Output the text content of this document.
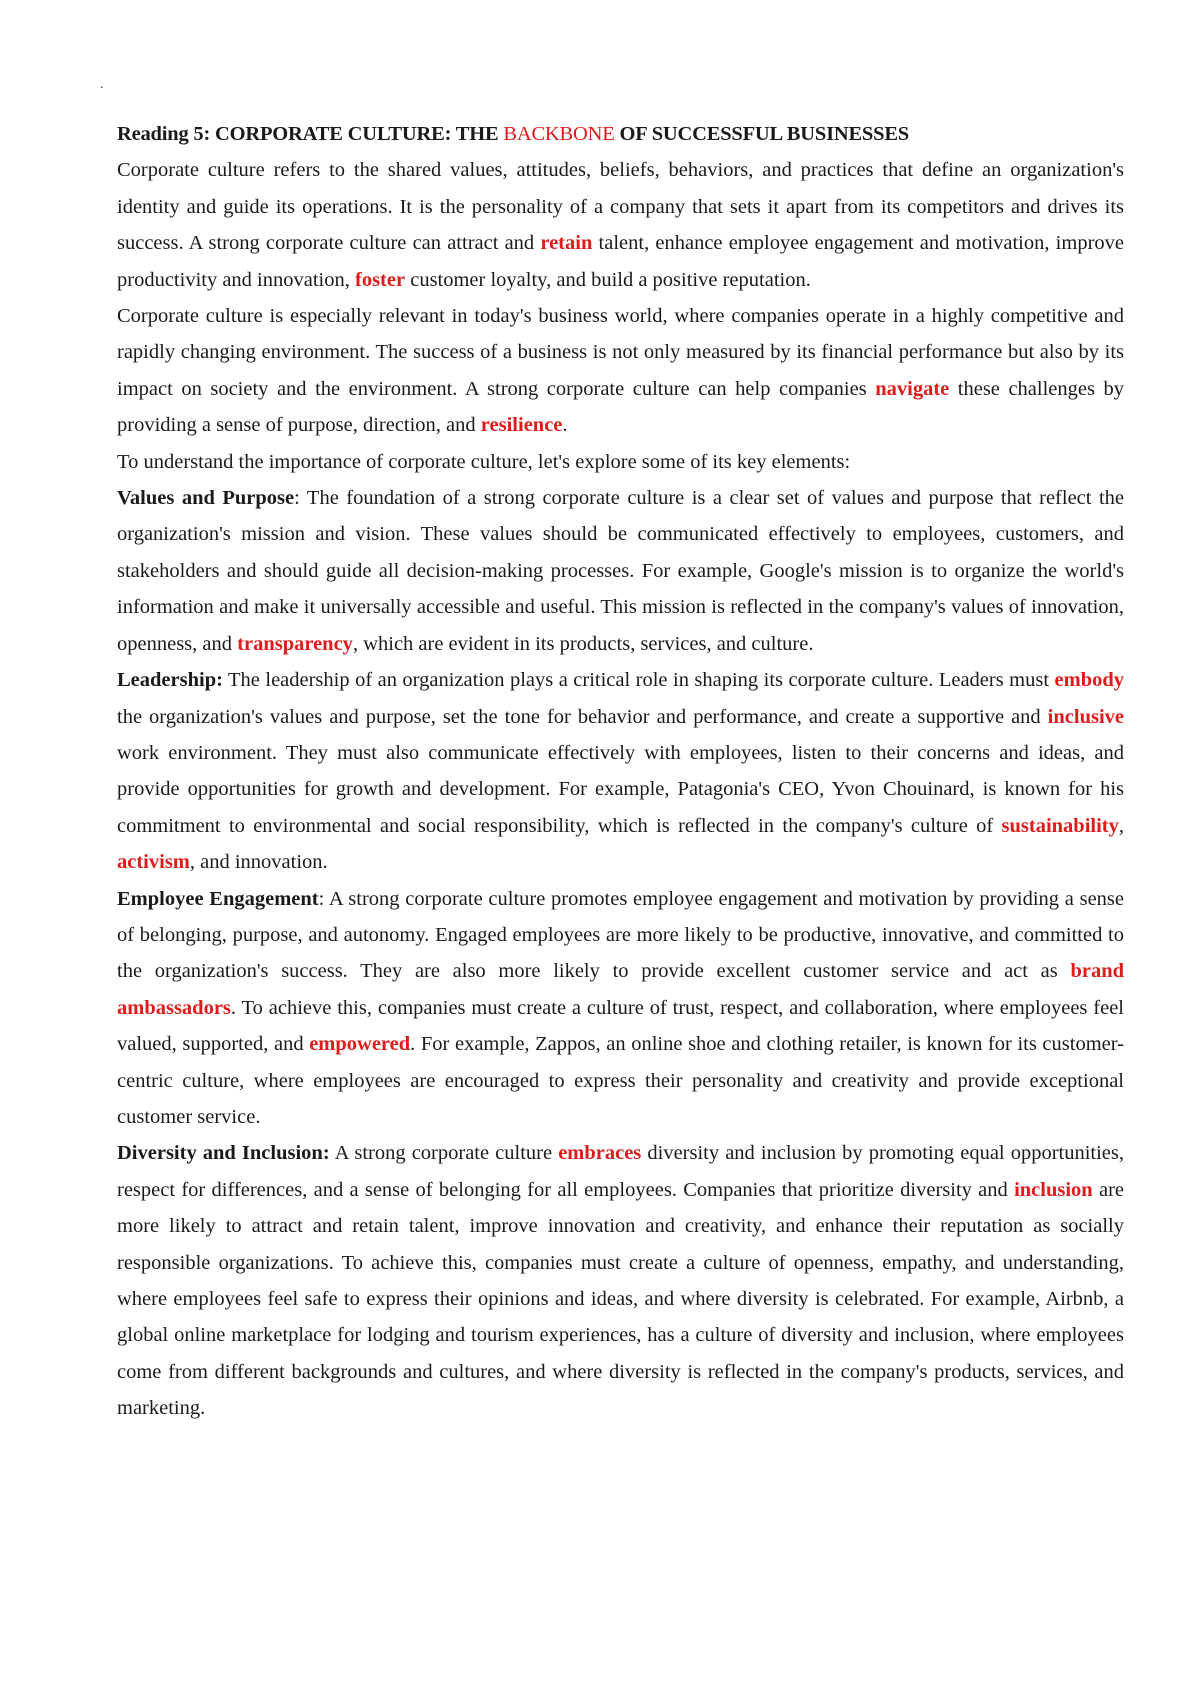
.
Reading 5: CORPORATE CULTURE: THE BACKBONE OF SUCCESSFUL BUSINESSES

Corporate culture refers to the shared values, attitudes, beliefs, behaviors, and practices that define an organization's identity and guide its operations. It is the personality of a company that sets it apart from its competitors and drives its success. A strong corporate culture can attract and retain talent, enhance employee engagement and motivation, improve productivity and innovation, foster customer loyalty, and build a positive reputation.

Corporate culture is especially relevant in today's business world, where companies operate in a highly competitive and rapidly changing environment. The success of a business is not only measured by its financial performance but also by its impact on society and the environment. A strong corporate culture can help companies navigate these challenges by providing a sense of purpose, direction, and resilience.

To understand the importance of corporate culture, let's explore some of its key elements:

Values and Purpose: The foundation of a strong corporate culture is a clear set of values and purpose that reflect the organization's mission and vision. These values should be communicated effectively to employees, customers, and stakeholders and should guide all decision-making processes. For example, Google's mission is to organize the world's information and make it universally accessible and useful. This mission is reflected in the company's values of innovation, openness, and transparency, which are evident in its products, services, and culture.

Leadership: The leadership of an organization plays a critical role in shaping its corporate culture. Leaders must embody the organization's values and purpose, set the tone for behavior and performance, and create a supportive and inclusive work environment. They must also communicate effectively with employees, listen to their concerns and ideas, and provide opportunities for growth and development. For example, Patagonia's CEO, Yvon Chouinard, is known for his commitment to environmental and social responsibility, which is reflected in the company's culture of sustainability, activism, and innovation.

Employee Engagement: A strong corporate culture promotes employee engagement and motivation by providing a sense of belonging, purpose, and autonomy. Engaged employees are more likely to be productive, innovative, and committed to the organization's success. They are also more likely to provide excellent customer service and act as brand ambassadors. To achieve this, companies must create a culture of trust, respect, and collaboration, where employees feel valued, supported, and empowered. For example, Zappos, an online shoe and clothing retailer, is known for its customer-centric culture, where employees are encouraged to express their personality and creativity and provide exceptional customer service.

Diversity and Inclusion: A strong corporate culture embraces diversity and inclusion by promoting equal opportunities, respect for differences, and a sense of belonging for all employees. Companies that prioritize diversity and inclusion are more likely to attract and retain talent, improve innovation and creativity, and enhance their reputation as socially responsible organizations. To achieve this, companies must create a culture of openness, empathy, and understanding, where employees feel safe to express their opinions and ideas, and where diversity is celebrated. For example, Airbnb, a global online marketplace for lodging and tourism experiences, has a culture of diversity and inclusion, where employees come from different backgrounds and cultures, and where diversity is reflected in the company's products, services, and marketing.
